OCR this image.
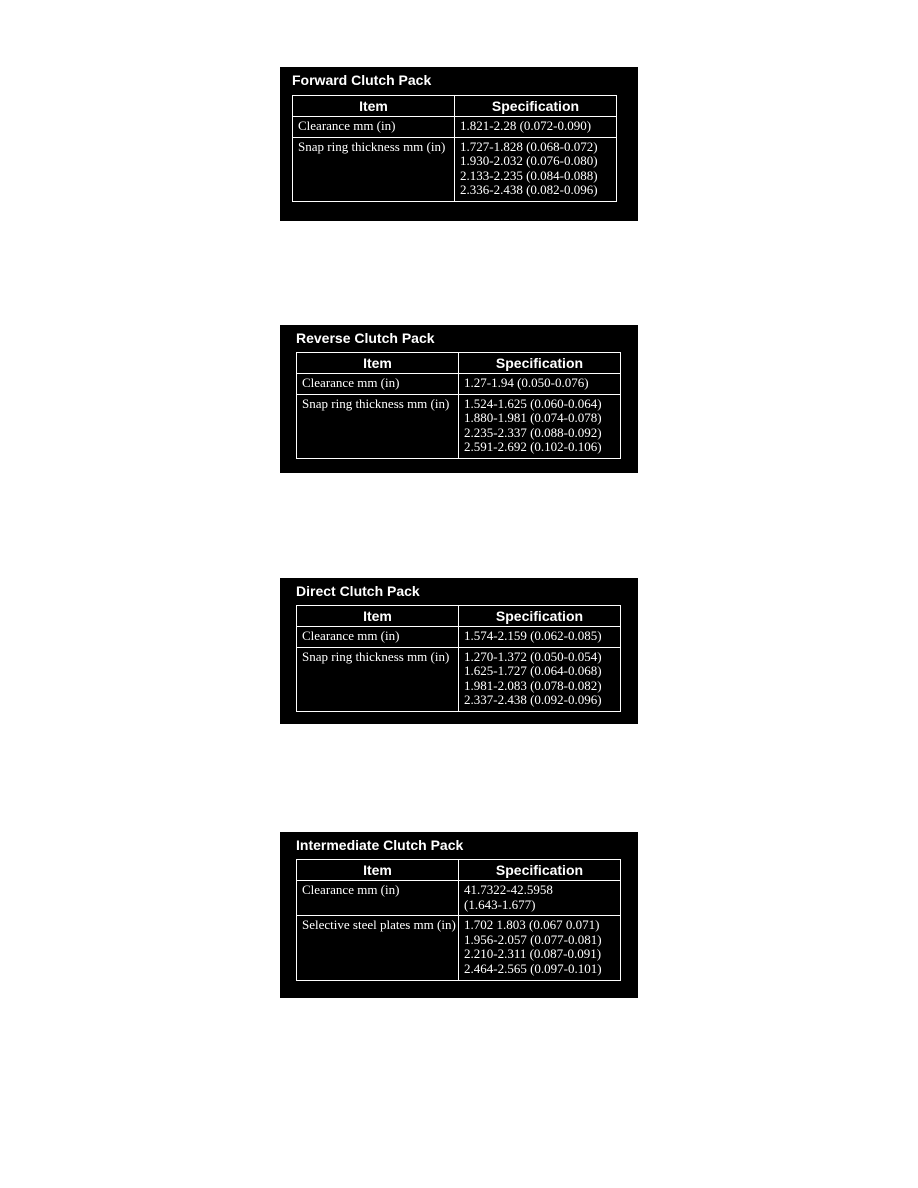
Forward Clutch Pack
Item	Specification
Clearance mm (in)	1.821-2.28 (0.072-0.090)

Snap ring thickness mm (in)	1.727-1.828 (0.068-0.072)
1.930-2.032 (0.076-0.080)
2.133-2.235 (0.084-0.088)
2.336-2.438 (0.082-0.096)
Reverse Clutch Pack
Item	Specification
Clearance mm (in)	1.27-1.94 (0.050-0.076)

Snap ring thickness mm (in)	1.524-1.625 (0.060-0.064)
1.880-1.981 (0.074-0.078)
2.235-2.337 (0.088-0.092)
2.591-2.692 (0.102-0.106)
Direct Clutch Pack
Item	Specification
Clearance mm (in)	1.574-2.159 (0.062-0.085)

Snap ring thickness mm (in)	1.270-1.372 (0.050-0.054)
1.625-1.727 (0.064-0.068)
1.981-2.083 (0.078-0.082)
2.337-2.438 (0.092-0.096)
Intermediate Clutch Pack
Item	Specification
Clearance mm (in)	41.7322-42.5958
(1.643-1.677)

Selective steel plates mm (in)	1.702 1.803 (0.067 0.071)
1.956-2.057 (0.077-0.081)
2.210-2.311 (0.087-0.091)
2.464-2.565 (0.097-0.101)
